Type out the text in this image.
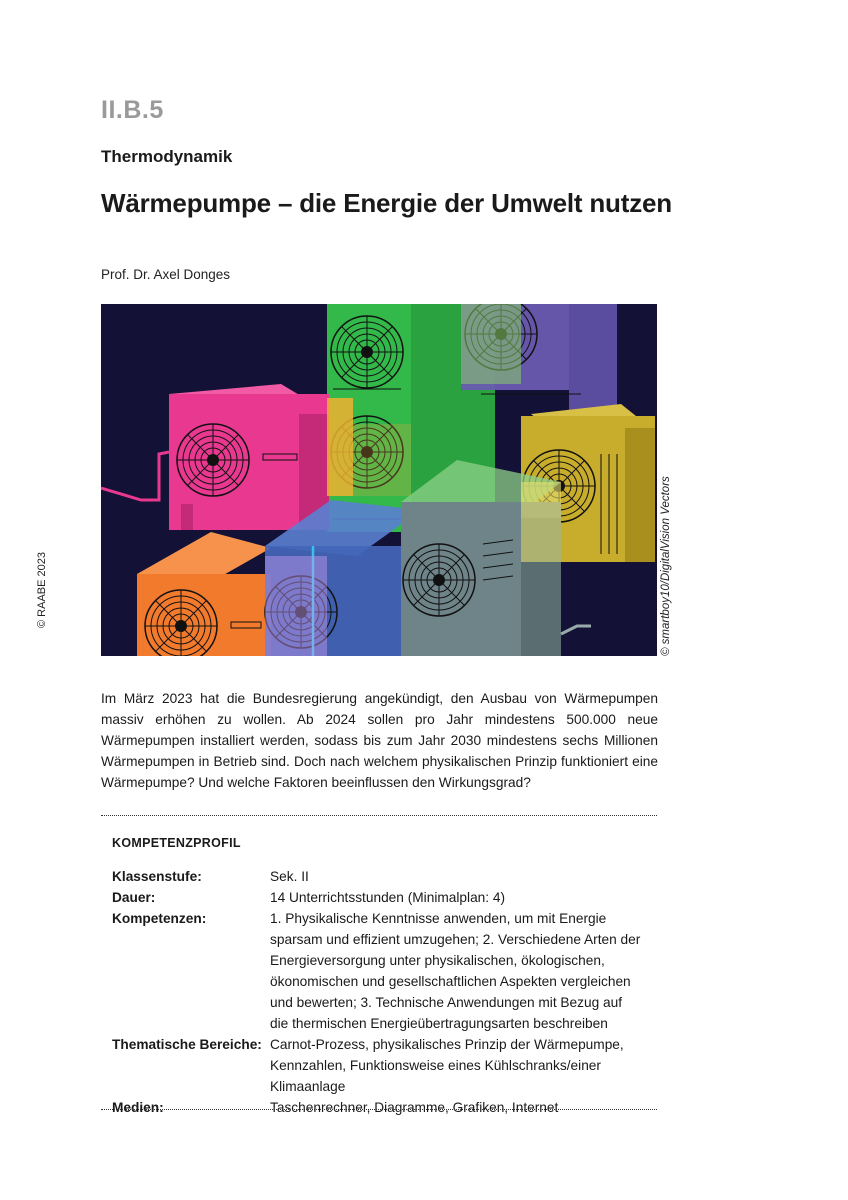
II.B.5
Thermodynamik
Wärmepumpe – die Energie der Umwelt nutzen
Prof. Dr. Axel Donges
© smartboy10/DigitalVision Vectors
© RAABE 2023

Im März 2023 hat die Bundesregierung angekündigt, den Ausbau von Wärmepumpen massiv erhöhen zu wollen. Ab 2024 sollen pro Jahr mindestens 500.000 neue Wärmepumpen installiert werden, sodass bis zum Jahr 2030 mindestens sechs Millionen Wärmepumpen in Betrieb sind. Doch nach welchem physikalischen Prinzip funktioniert eine Wärmepumpe? Und welche Faktoren beeinflussen den Wirkungsgrad?

KOMPETENZPROFIL
Klassenstufe:	Sek. II
Dauer:	14 Unterrichtsstunden (Minimalplan: 4)
Kompetenzen:	1. Physikalische Kenntnisse anwenden, um mit Energie sparsam und effizient umzugehen; 2. Verschiedene Arten der Energieversorgung unter physikalischen, ökologischen, ökonomischen und gesellschaftlichen Aspekten vergleichen und bewerten; 3. Technische Anwendungen mit Bezug auf die thermischen Energieübertragungsarten beschreiben
Thematische Bereiche: Carnot-Prozess, physikalisches Prinzip der Wärmepumpe, Kennzahlen, Funktionsweise eines Kühlschranks/einer Klimaanlage
Medien:	Taschenrechner, Diagramme, Grafiken, Internet
